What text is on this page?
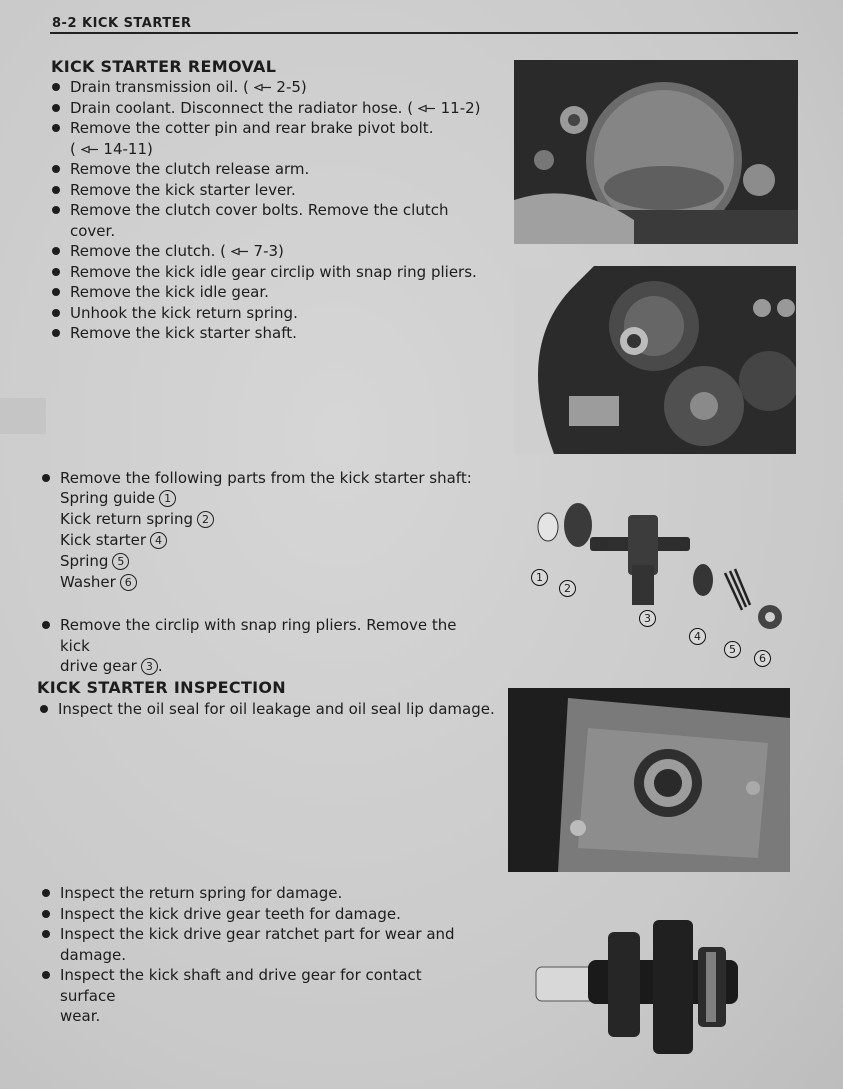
8-2 KICK STARTER
KICK STARTER REMOVAL
Drain transmission oil. ( 2-5)
Drain coolant. Disconnect the radiator hose. ( 11-2)
Remove the cotter pin and rear brake pivot bolt.
( 14-11)
Remove the clutch release arm.
Remove the kick starter lever.
Remove the clutch cover bolts. Remove the clutch cover.
Remove the clutch. ( 7-3)
Remove the kick idle gear circlip with snap ring pliers.
Remove the kick idle gear.
Unhook the kick return spring.
Remove the kick starter shaft.
Remove the following parts from the kick starter shaft:
Spring guide 1
Kick return spring 2
Kick starter 4
Spring 5
Washer 6
Remove the circlip with snap ring pliers. Remove the kick
drive gear 3 .
1
2
3
4
5
6
KICK STARTER INSPECTION
Inspect the oil seal for oil leakage and oil seal lip damage.
Inspect the return spring for damage.
Inspect the kick drive gear teeth for damage.
Inspect the kick drive gear ratchet part for wear and
damage.
Inspect the kick shaft and drive gear for contact surface
wear.
